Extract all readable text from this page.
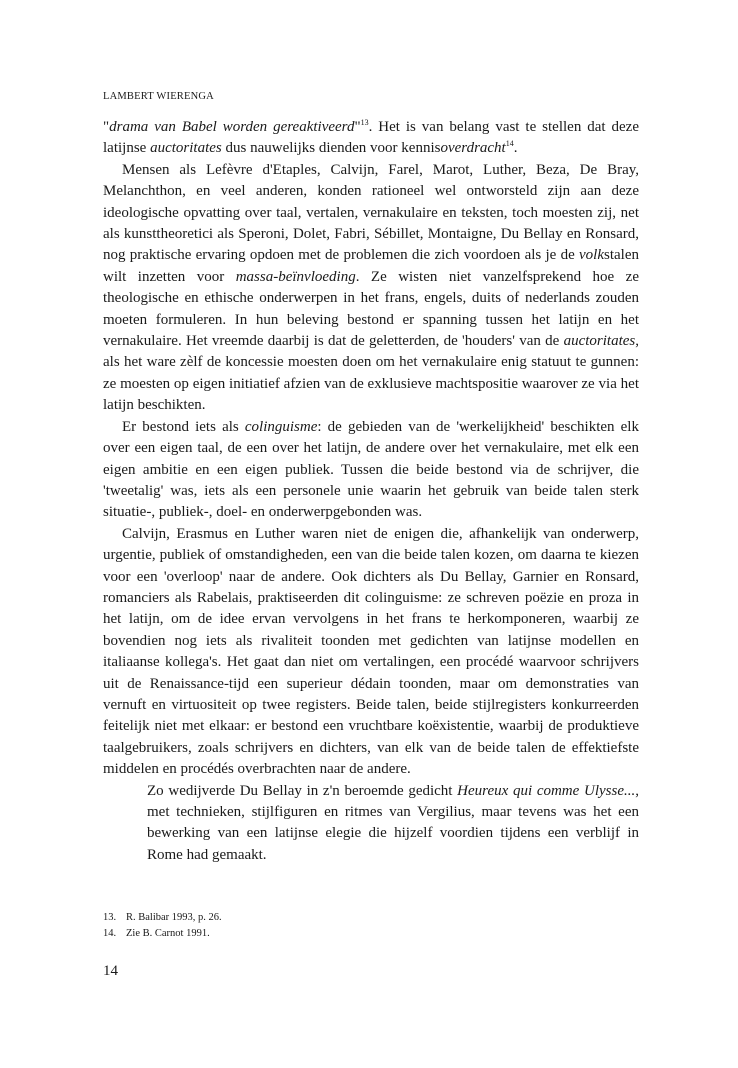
LAMBERT WIERENGA

"drama van Babel worden gereaktiveerd"$^{13}$. Het is van belang vast te stellen dat deze latijnse auctoritates dus nauwelijks dienden voor kennisoverdracht$^{14}$.

Mensen als Lefèvre d'Etaples, Calvijn, Farel, Marot, Luther, Beza, De Bray, Melanchthon, en veel anderen, konden rationeel wel ontworsteld zijn aan deze ideologische opvatting over taal, vertalen, vernakulaire en teksten, toch moesten zij, net als kunsttheoretici als Speroni, Dolet, Fabri, Sébillet, Montaigne, Du Bellay en Ronsard, nog praktische ervaring opdoen met de problemen die zich voordoen als je de volkstalen wilt inzetten voor massa-beïnvloeding. Ze wisten niet vanzelfsprekend hoe ze theologische en ethische onderwerpen in het frans, engels, duits of nederlands zouden moeten formuleren. In hun beleving bestond er spanning tussen het latijn en het vernakulaire. Het vreemde daarbij is dat de geletterden, de 'houders' van de auctoritates, als het ware zèlf de koncessie moesten doen om het vernakulaire enig statuut te gunnen: ze moesten op eigen initiatief afzien van de exklusieve machtspositie waarover ze via het latijn beschikten.

Er bestond iets als colinguisme: de gebieden van de 'werkelijkheid' beschikten elk over een eigen taal, de een over het latijn, de andere over het vernakulaire, met elk een eigen ambitie en een eigen publiek. Tussen die beide bestond via de schrijver, die 'tweetalig' was, iets als een personele unie waarin het gebruik van beide talen sterk situatie-, publiek-, doel- en onderwerpgebonden was.

Calvijn, Erasmus en Luther waren niet de enigen die, afhankelijk van onderwerp, urgentie, publiek of omstandigheden, een van die beide talen kozen, om daarna te kiezen voor een 'overloop' naar de andere. Ook dichters als Du Bellay, Garnier en Ronsard, romanciers als Rabelais, praktiseerden dit colinguisme: ze schreven poëzie en proza in het latijn, om de idee ervan vervolgens in het frans te herkomponeren, waarbij ze bovendien nog iets als rivaliteit toonden met gedichten van latijnse modellen en italiaanse kollega's. Het gaat dan niet om vertalingen, een procédé waarvoor schrijvers uit de Renaissance-tijd een superieur dédain toonden, maar om demonstraties van vernuft en virtuositeit op twee registers. Beide talen, beide stijlregisters konkurreerden feitelijk niet met elkaar: er bestond een vruchtbare koëxistentie, waarbij de produktieve taalgebruikers, zoals schrijvers en dichters, van elk van de beide talen de effektiefste middelen en procédés overbrachten naar de andere.

Zo wedijverde Du Bellay in z'n beroemde gedicht Heureux qui comme Ulysse..., met technieken, stijlfiguren en ritmes van Vergilius, maar tevens was het een bewerking van een latijnse elegie die hijzelf voordien tijdens een verblijf in Rome had gemaakt.

13. R. Balibar 1993, p. 26.
14. Zie B. Carnot 1991.
14
